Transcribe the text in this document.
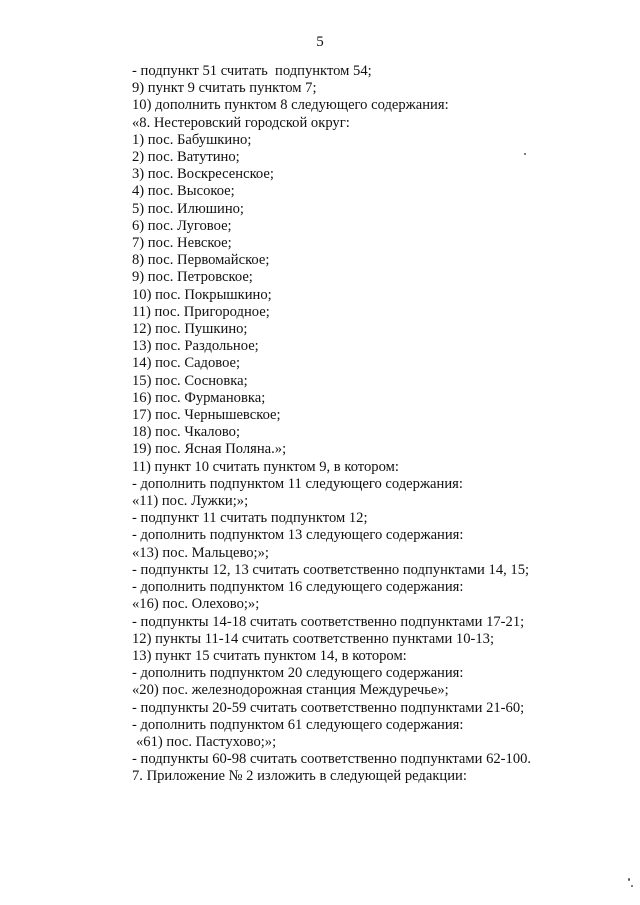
5
- подпункт 51 считать  подпунктом 54;
9) пункт 9 считать пунктом 7;
10) дополнить пунктом 8 следующего содержания:
«8. Нестеровский городской округ:
1) пос. Бабушкино;
2) пос. Ватутино;
3) пос. Воскресенское;
4) пос. Высокое;
5) пос. Илюшино;
6) пос. Луговое;
7) пос. Невское;
8) пос. Первомайское;
9) пос. Петровское;
10) пос. Покрышкино;
11) пос. Пригородное;
12) пос. Пушкино;
13) пос. Раздольное;
14) пос. Садовое;
15) пос. Сосновка;
16) пос. Фурмановка;
17) пос. Чернышевское;
18) пос. Чкалово;
19) пос. Ясная Поляна.»;
11) пункт 10 считать пунктом 9, в котором:
- дополнить подпунктом 11 следующего содержания:
«11) пос. Лужки;»;
- подпункт 11 считать подпунктом 12;
- дополнить подпунктом 13 следующего содержания:
«13) пос. Мальцево;»;
- подпункты 12, 13 считать соответственно подпунктами 14, 15;
- дополнить подпунктом 16 следующего содержания:
«16) пос. Олехово;»;
- подпункты 14-18 считать соответственно подпунктами 17-21;
12) пункты 11-14 считать соответственно пунктами 10-13;
13) пункт 15 считать пунктом 14, в котором:
- дополнить подпунктом 20 следующего содержания:
«20) пос. железнодорожная станция Междуречье»;
- подпункты 20-59 считать соответственно подпунктами 21-60;
- дополнить подпунктом 61 следующего содержания:
«61) пос. Пастухово;»;
- подпункты 60-98 считать соответственно подпунктами 62-100.
7. Приложение № 2 изложить в следующей редакции:
